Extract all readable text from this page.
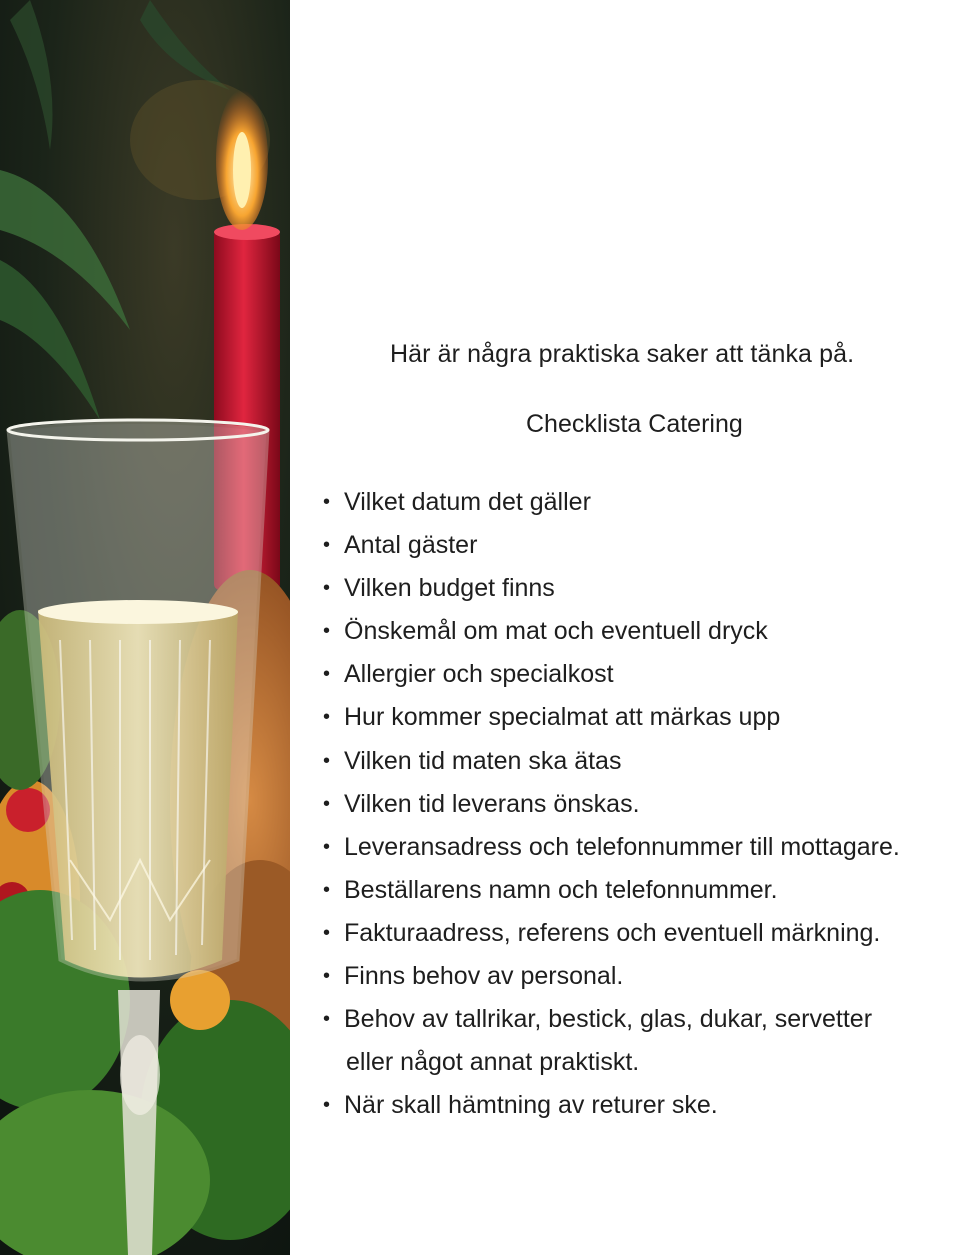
Här är några praktiska saker att tänka på.
Checklista Catering
• Vilket datum det gäller
• Antal gäster
• Vilken budget finns
• Önskemål om mat och eventuell dryck
• Allergier och specialkost
• Hur kommer specialmat att märkas upp
• Vilken tid maten ska ätas
• Vilken tid leverans önskas.
• Leveransadress och telefonnummer till mottagare.
• Beställarens namn och telefonnummer.
• Fakturaadress, referens och eventuell märkning.
• Finns behov av personal.
• Behov av tallrikar, bestick, glas, dukar, servetter
eller något annat praktiskt.
• När skall hämtning av returer ske.
